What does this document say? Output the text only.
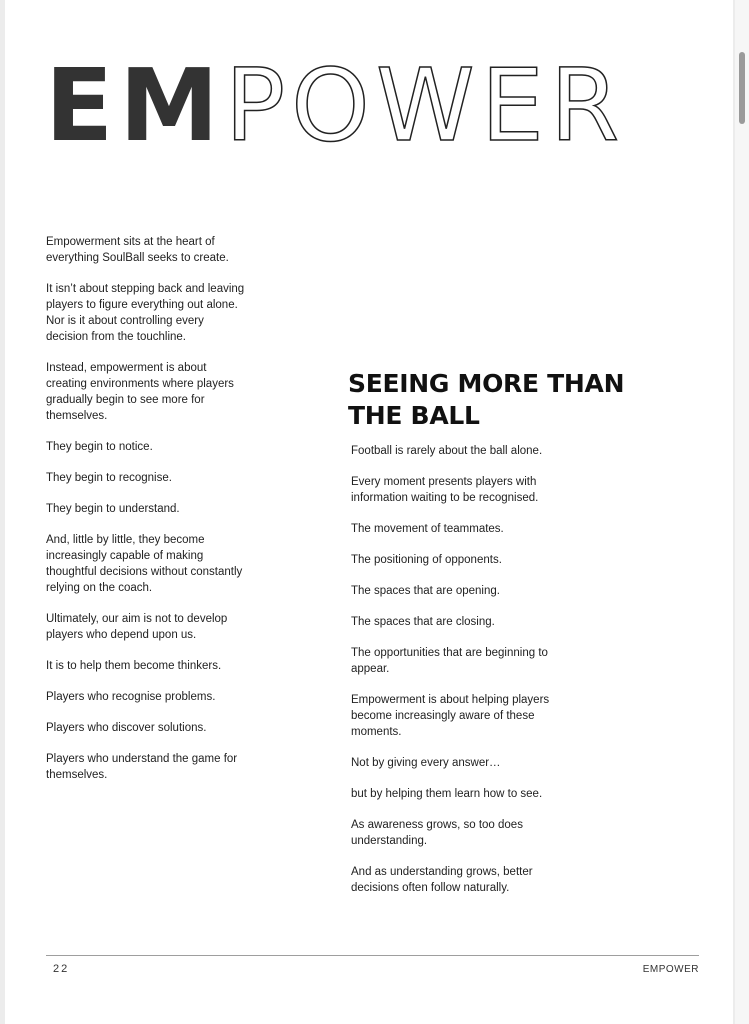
EMPOWER

Empowerment sits at the heart of everything SoulBall seeks to create.

It isn’t about stepping back and leaving players to figure everything out alone. Nor is it about controlling every decision from the touchline.

Instead, empowerment is about creating environments where players gradually begin to see more for themselves.

They begin to notice.

They begin to recognise.

They begin to understand.

And, little by little, they become increasingly capable of making thoughtful decisions without constantly relying on the coach.

Ultimately, our aim is not to develop players who depend upon us.

It is to help them become thinkers.

Players who recognise problems.

Players who discover solutions.

Players who understand the game for themselves.

SEEING MORE THAN THE BALL

Football is rarely about the ball alone.

Every moment presents players with information waiting to be recognised.

The movement of teammates.

The positioning of opponents.

The spaces that are opening.

The spaces that are closing.

The opportunities that are beginning to appear.

Empowerment is about helping players become increasingly aware of these moments.

Not by giving every answer…

but by helping them learn how to see.

As awareness grows, so too does understanding.

And as understanding grows, better decisions often follow naturally.

22	EMPOWER
